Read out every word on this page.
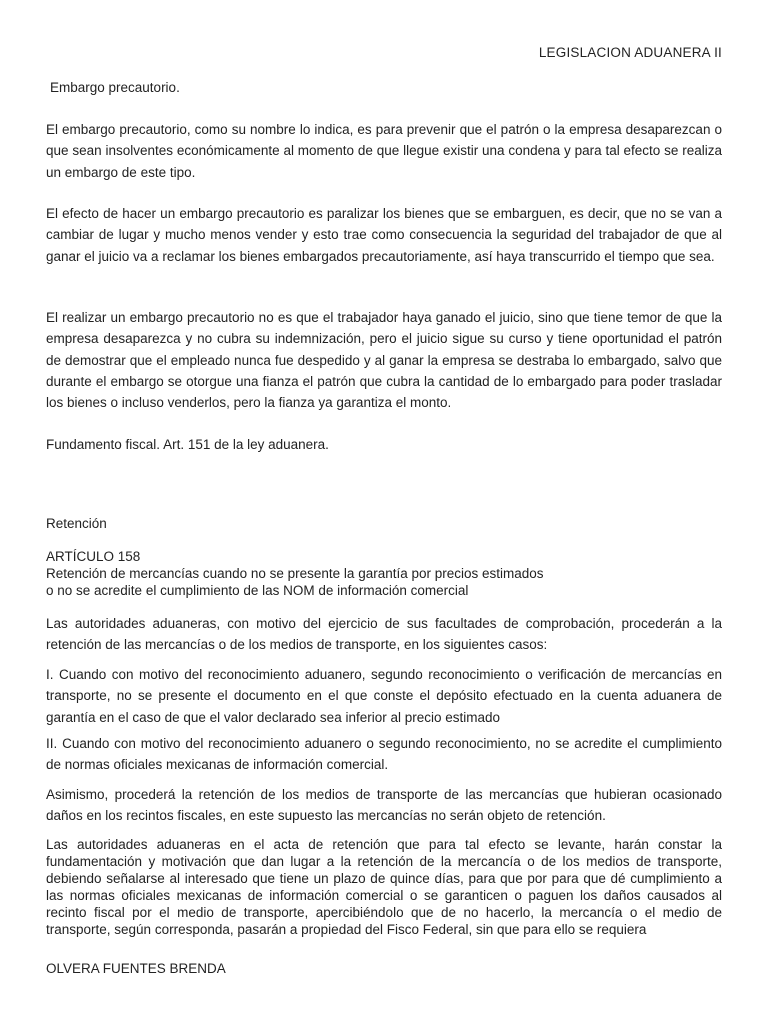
LEGISLACION ADUANERA II

Embargo precautorio.

El embargo precautorio, como su nombre lo indica, es para prevenir que el patrón o la empresa desaparezcan o que sean insolventes económicamente al momento de que llegue existir una condena y para tal efecto se realiza un embargo de este tipo.

El efecto de hacer un embargo precautorio es paralizar los bienes que se embarguen, es decir, que no se van a cambiar de lugar y mucho menos vender y esto trae como consecuencia la seguridad del trabajador de que al ganar el juicio va a reclamar los bienes embargados precautoriamente, así haya transcurrido el tiempo que sea.

El realizar un embargo precautorio no es que el trabajador haya ganado el juicio, sino que tiene temor de que la empresa desaparezca y no cubra su indemnización, pero el juicio sigue su curso y tiene oportunidad el patrón de demostrar que el empleado nunca fue despedido y al ganar la empresa se destraba lo embargado, salvo que durante el embargo se otorgue una fianza el patrón que cubra la cantidad de lo embargado para poder trasladar los bienes o incluso venderlos, pero la fianza ya garantiza el monto.

Fundamento fiscal. Art. 151 de la ley aduanera.

Retención

ARTÍCULO 158

Retención de mercancías cuando no se presente la garantía por precios estimados

o no se acredite el cumplimiento de las NOM de información comercial

Las autoridades aduaneras, con motivo del ejercicio de sus facultades de comprobación, procederán a la retención de las mercancías o de los medios de transporte, en los siguientes casos:

I. Cuando con motivo del reconocimiento aduanero, segundo reconocimiento o verificación de mercancías en transporte, no se presente el documento en el que conste el depósito efectuado en la cuenta aduanera de garantía en el caso de que el valor declarado sea inferior al precio estimado

II. Cuando con motivo del reconocimiento aduanero o segundo reconocimiento, no se acredite el cumplimiento de normas oficiales mexicanas de información comercial.

Asimismo, procederá la retención de los medios de transporte de las mercancías que hubieran ocasionado daños en los recintos fiscales, en este supuesto las mercancías no serán objeto de retención.

Las autoridades aduaneras en el acta de retención que para tal efecto se levante, harán constar la fundamentación y motivación que dan lugar a la retención de la mercancía o de los medios de transporte, debiendo señalarse al interesado que tiene un plazo de quince días, para que por para que dé cumplimiento a las normas oficiales mexicanas de información comercial o se garanticen o paguen los daños causados al recinto fiscal por el medio de transporte, apercibiéndolo que de no hacerlo, la mercancía o el medio de transporte, según corresponda, pasarán a propiedad del Fisco Federal, sin que para ello se requiera

OLVERA FUENTES BRENDA
